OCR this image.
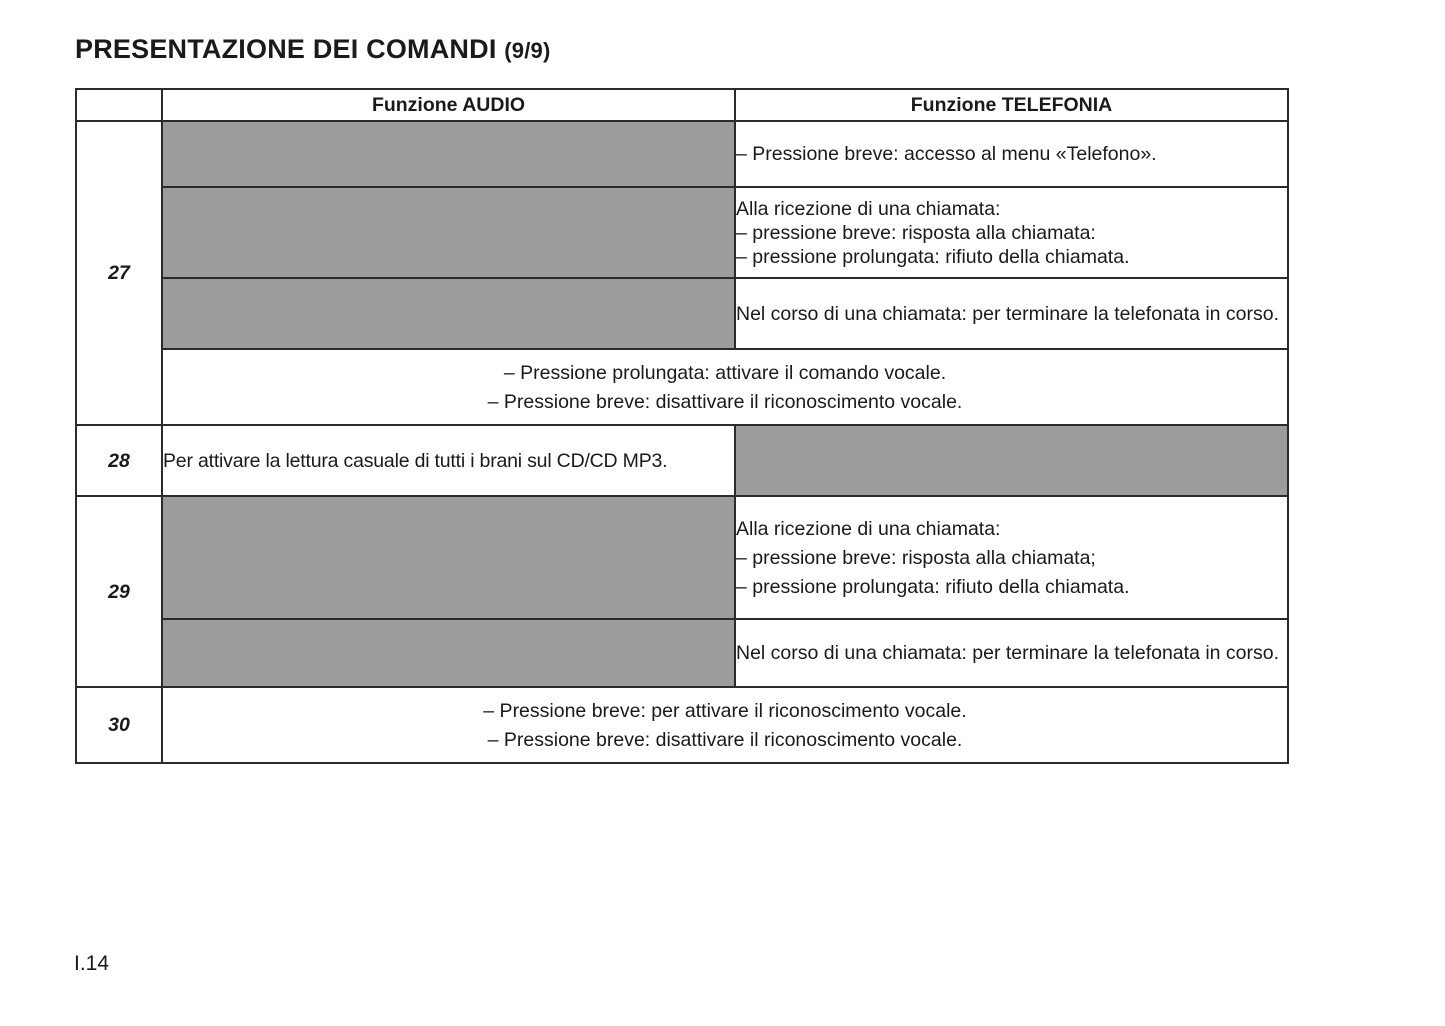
PRESENTAZIONE DEI COMANDI (9/9)
	Funzione AUDIO	Funzione TELEFONIA
27		– Pressione breve: accesso al menu «Telefono».

		Alla ricezione di una chiamata:
– pressione breve: risposta alla chiamata:
– pressione prolungata: rifiuto della chiamata.

		Nel corso di una chiamata: per terminare la telefonata in corso.

	– Pressione prolungata: attivare il comando vocale.
– Pressione breve: disattivare il riconoscimento vocale.	

28	Per attivare la lettura casuale di tutti i brani sul CD/CD MP3.	
29		Alla ricezione di una chiamata:
– pressione breve: risposta alla chiamata;
– pressione prolungata: rifiuto della chiamata.

		Nel corso di una chiamata: per terminare la telefonata in corso.

30	– Pressione breve: per attivare il riconoscimento vocale.
– Pressione breve: disattivare il riconoscimento vocale.	

I.14
